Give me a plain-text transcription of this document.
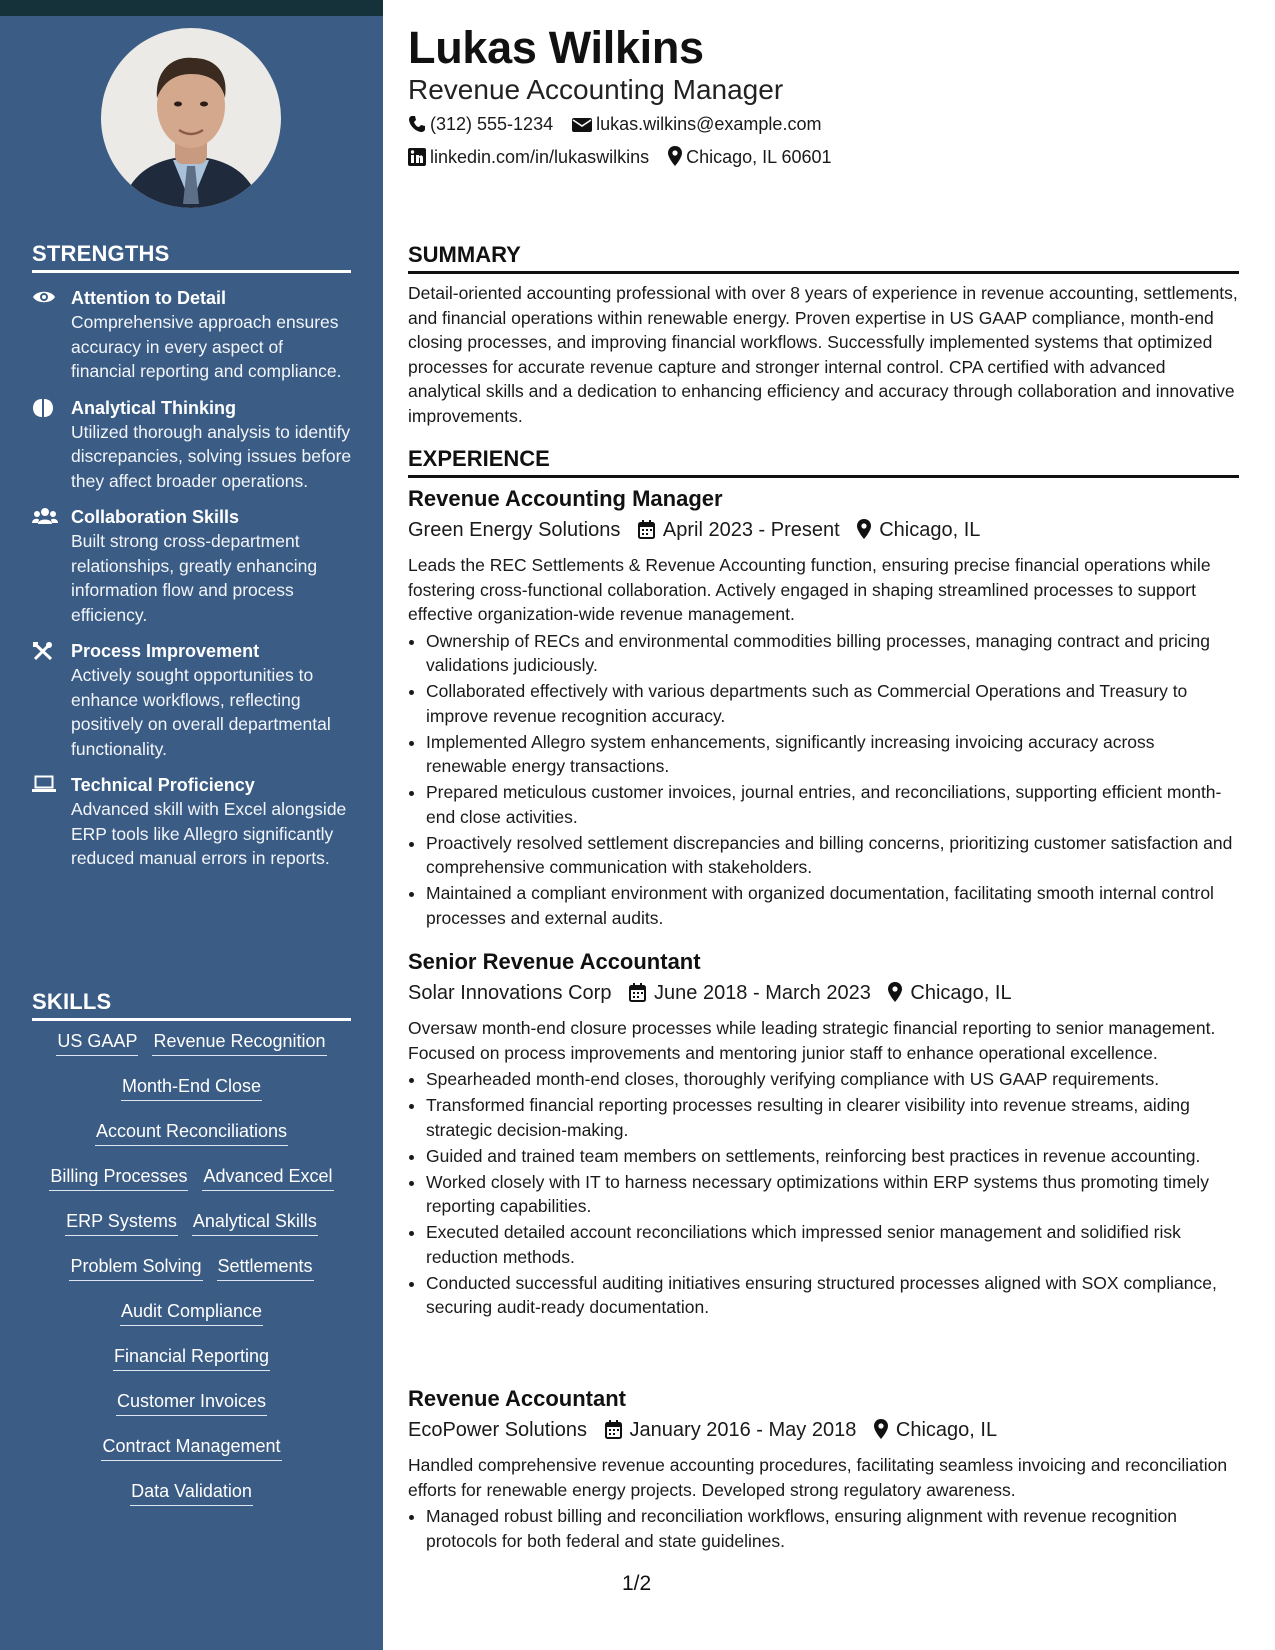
STRENGTHS
Attention to Detail
Comprehensive approach ensures accuracy in every aspect of financial reporting and compliance.
Analytical Thinking
Utilized thorough analysis to identify discrepancies, solving issues before they affect broader operations.
Collaboration Skills
Built strong cross-department relationships, greatly enhancing information flow and process efficiency.
Process Improvement
Actively sought opportunities to enhance workflows, reflecting positively on overall departmental functionality.
Technical Proficiency
Advanced skill with Excel alongside ERP tools like Allegro significantly reduced manual errors in reports.
SKILLS
US GAAP Revenue Recognition
Month-End Close
Account Reconciliations
Billing Processes Advanced Excel
ERP Systems Analytical Skills
Problem Solving Settlements
Audit Compliance
Financial Reporting
Customer Invoices
Contract Management
Data Validation
Lukas Wilkins
Revenue Accounting Manager
(312) 555-1234 lukas.wilkins@example.com
linkedin.com/in/lukaswilkins Chicago, IL 60601
SUMMARY
Detail-oriented accounting professional with over 8 years of experience in revenue accounting, settlements, and financial operations within renewable energy. Proven expertise in US GAAP compliance, month-end closing processes, and improving financial workflows. Successfully implemented systems that optimized processes for accurate revenue capture and stronger internal control. CPA certified with advanced analytical skills and a dedication to enhancing efficiency and accuracy through collaboration and innovative improvements.
EXPERIENCE
Revenue Accounting Manager
Green Energy Solutions April 2023 - Present Chicago, IL
Leads the REC Settlements & Revenue Accounting function, ensuring precise financial operations while fostering cross-functional collaboration. Actively engaged in shaping streamlined processes to support effective organization-wide revenue management.
• Ownership of RECs and environmental commodities billing processes, managing contract and pricing validations judiciously.
• Collaborated effectively with various departments such as Commercial Operations and Treasury to improve revenue recognition accuracy.
• Implemented Allegro system enhancements, significantly increasing invoicing accuracy across renewable energy transactions.
• Prepared meticulous customer invoices, journal entries, and reconciliations, supporting efficient month-end close activities.
• Proactively resolved settlement discrepancies and billing concerns, prioritizing customer satisfaction and comprehensive communication with stakeholders.
• Maintained a compliant environment with organized documentation, facilitating smooth internal control processes and external audits.
Senior Revenue Accountant
Solar Innovations Corp June 2018 - March 2023 Chicago, IL
Oversaw month-end closure processes while leading strategic financial reporting to senior management. Focused on process improvements and mentoring junior staff to enhance operational excellence.
• Spearheaded month-end closes, thoroughly verifying compliance with US GAAP requirements.
• Transformed financial reporting processes resulting in clearer visibility into revenue streams, aiding strategic decision-making.
• Guided and trained team members on settlements, reinforcing best practices in revenue accounting.
• Worked closely with IT to harness necessary optimizations within ERP systems thus promoting timely reporting capabilities.
• Executed detailed account reconciliations which impressed senior management and solidified risk reduction methods.
• Conducted successful auditing initiatives ensuring structured processes aligned with SOX compliance, securing audit-ready documentation.
Revenue Accountant
EcoPower Solutions January 2016 - May 2018 Chicago, IL
Handled comprehensive revenue accounting procedures, facilitating seamless invoicing and reconciliation efforts for renewable energy projects. Developed strong regulatory awareness.
• Managed robust billing and reconciliation workflows, ensuring alignment with revenue recognition protocols for both federal and state guidelines.
1/2
